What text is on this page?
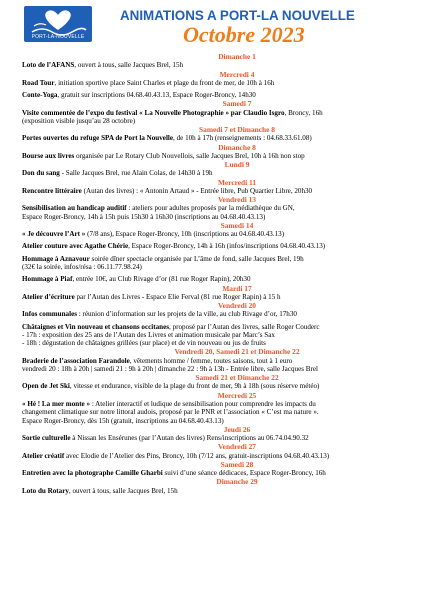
PORT-LA-NOUVELLE
ANIMATIONS A PORT-LA NOUVELLE
Octobre 2023
Dimanche 1
Loto de l’AFANS, ouvert à tous, salle Jacques Brel, 15h
Mercredi 4
Road Tour, initiation sportive place Saint Charles et plage du front de mer, de 10h à 16h
Conte-Yoga, gratuit sur inscriptions 04.68.40.43.13, Espace Roger-Broncy, 14h30
Samedi 7
Visite commentée de l’expo du festival « La Nouvelle Photographie » par Claudio Isgro, Broncy, 16h
(exposition visible jusqu’au 28 octobre)
Samedi 7 et Dimanche 8
Portes ouvertes du refuge SPA de Port la Nouvelle, de 10h à 17h (renseignements : 04.68.33.61.08)
Dimanche 8
Bourse aux livres organisée par Le Rotary Club Nouvellois, salle Jacques Brel, 10h à 16h non stop
Lundi 9
Don du sang - Salle Jacques Brel, rue Alain Colas, de 14h30 à 19h
Mercredi 11
Rencontre littéraire (Autan des livres) : « Antonin Artaud » - Entrée libre, Pub Quartier Libre, 20h30
Vendredi 13
Sensibilisation au handicap auditif : ateliers pour adultes proposés par la médiathèque du GN,
Espace Roger-Broncy, 14h à 15h puis 15h30 à 16h30 (inscriptions au 04.68.40.43.13)
Samedi 14
« Je découvre l’Art » (7/8 ans), Espace Roger-Broncy, 10h (inscriptions au 04.68.40.43.13)
Atelier couture avec Agathe Chérie, Espace Roger-Broncy, 14h à 16h (infos/inscriptions 04.68.40.43.13)
Hommage à Aznavour soirée dîner spectacle organisée par L’âme de fond, salle Jacques Brel, 19h
(32€ la soirée, infos/résa : 06.11.77.98.24)
Hommage à Piaf, entrée 10€, au Club Rivage d’or (81 rue Roger Rapin), 20h30
Mardi 17
Atelier d’écriture par l’Autan des Livres - Espace Elie Ferval (81 rue Roger Rapin) à 15 h
Vendredi 20
Infos communales : réunion d’information sur les projets de la ville, au club Rivage d’or, 17h30
Châtaignes et Vin nouveau et chansons occitanes, proposé par l’Autan des livres, salle Roger Couderc
- 17h : exposition des 25 ans de l’Autan des Livres et animation musicale par Marc’s Sax
- 18h : dégustation de châtaignes grillées (sur place) et de vin nouveau ou jus de fruits
Vendredi 20, Samedi 21 et Dimanche 22
Braderie de l’association Farandole, vêtements homme / femme, toutes saisons, tout à 1 euro
vendredi 20 : 18h à 20h | samedi 21 : 9h à 20h | dimanche 22 : 9h à 13h - Entrée libre, salle Jacques Brel
Samedi 21 et Dimanche 22
Open de Jet Ski, vitesse et endurance, visible de la plage du front de mer, 9h à 18h (sous réserve météo)
Mercredi 25
« Hé ! La mer monte » : Atelier interactif et ludique de sensibilisation pour comprendre les impacts du
changement climatique sur notre littoral audois, proposé par le PNR et l’association « C’est ma nature ».
Espace Roger-Broncy, dès 15h (gratuit, inscriptions au 04.68.40.43.13)
Jeudi 26
Sortie culturelle à Nissan les Ensérunes (par l’Autan des livres) Rens/inscriptions au 06.74.04.90.32
Vendredi 27
Atelier créatif avec Elodie de l’Atelier des Pins, Broncy, 10h (7/12 ans, gratuit-inscriptions 04.68.40.43.13)
Samedi 28
Entretien avec la photographe Camille Gharbi suivi d’une séance dédicaces, Espace Roger-Broncy, 16h
Dimanche 29
Loto du Rotary, ouvert à tous, salle Jacques Brel, 15h
